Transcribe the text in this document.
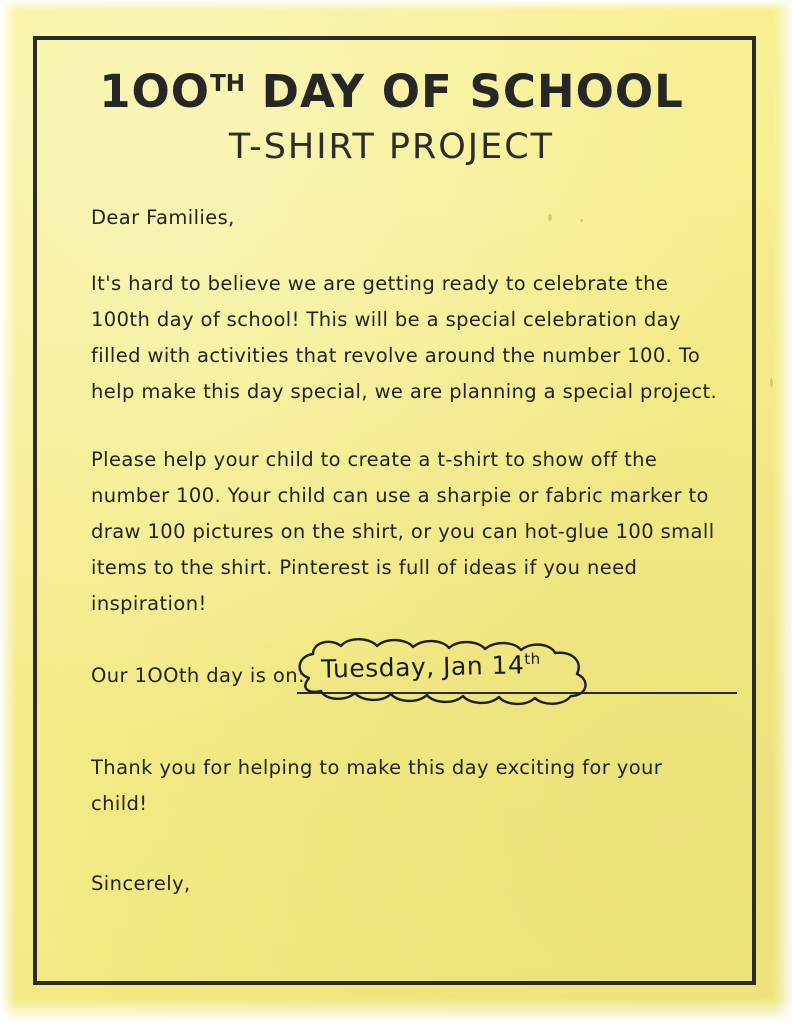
$1OO^{TH}$ DAY OF SCHOOL
T-SHIRT PROJECT
Dear Families,
It's hard to believe we are getting ready to celebrate the 100th day of school! This will be a special celebration day filled with activities that revolve around the number 100. To help make this day special, we are planning a special project.
Please help your child to create a t-shirt to show off the number 100. Your child can use a sharpie or fabric marker to draw 100 pictures on the shirt, or you can hot-glue 100 small items to the shirt. Pinterest is full of ideas if you need inspiration!
Our 1OOth day is on: Tuesday, Jan 14th
Thank you for helping to make this day exciting for your child!
Sincerely,
